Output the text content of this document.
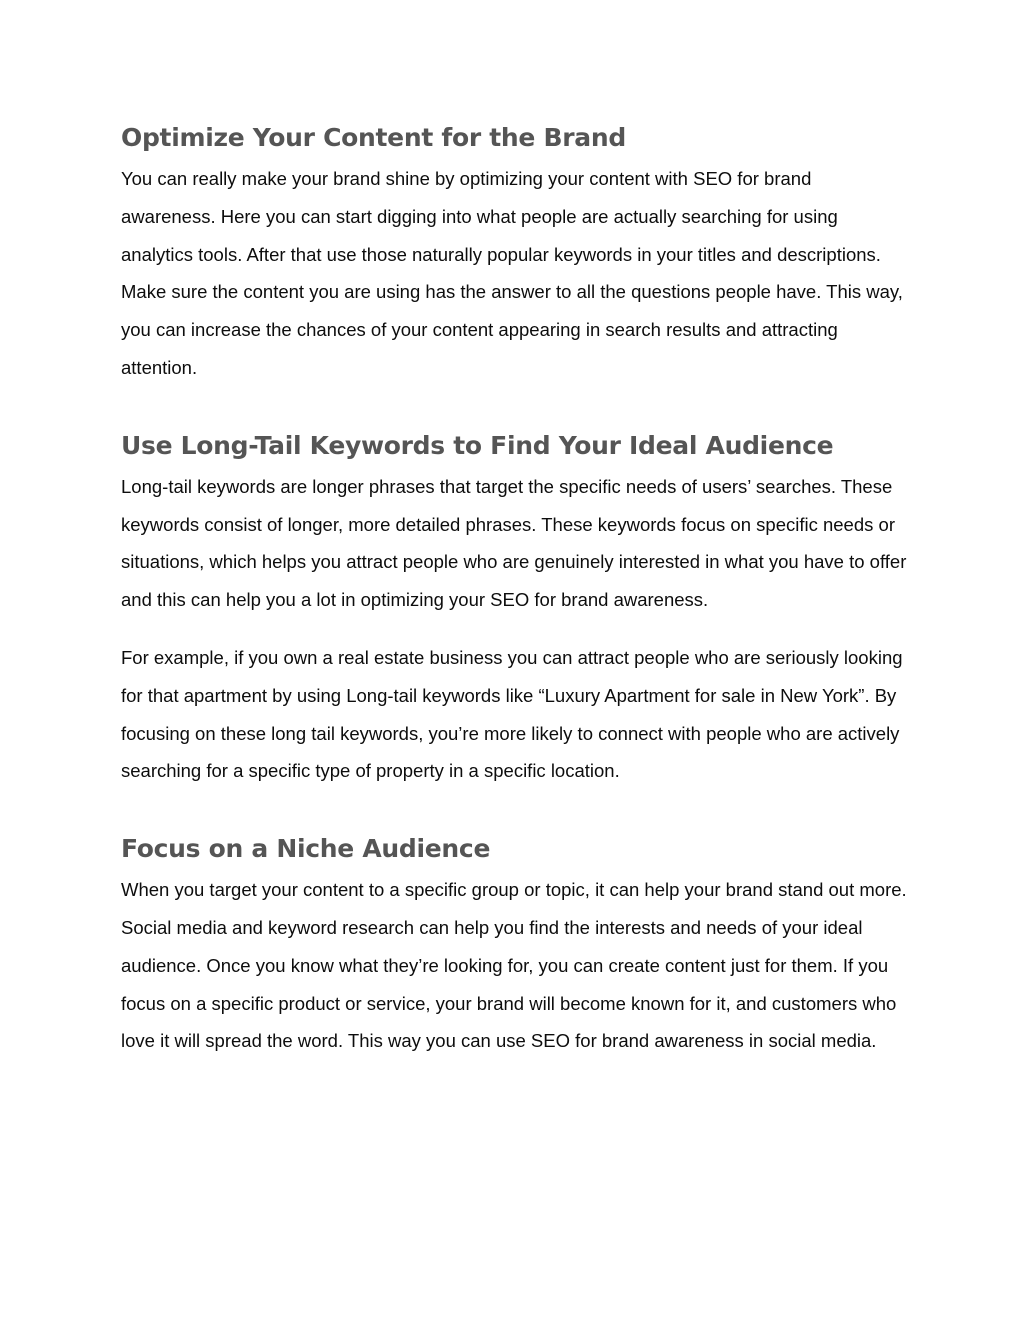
Optimize Your Content for the Brand

You can really make your brand shine by optimizing your content with SEO for brand awareness. Here you can start digging into what people are actually searching for using analytics tools. After that use those naturally popular keywords in your titles and descriptions. Make sure the content you are using has the answer to all the questions people have. This way, you can increase the chances of your content appearing in search results and attracting attention.

Use Long-Tail Keywords to Find Your Ideal Audience

Long-tail keywords are longer phrases that target the specific needs of users’ searches. These keywords consist of longer, more detailed phrases. These keywords focus on specific needs or situations, which helps you attract people who are genuinely interested in what you have to offer and this can help you a lot in optimizing your SEO for brand awareness.

For example, if you own a real estate business you can attract people who are seriously looking for that apartment by using Long-tail keywords like “Luxury Apartment for sale in New York”. By focusing on these long tail keywords, you’re more likely to connect with people who are actively searching for a specific type of property in a specific location.

Focus on a Niche Audience

When you target your content to a specific group or topic, it can help your brand stand out more. Social media and keyword research can help you find the interests and needs of your ideal audience. Once you know what they’re looking for, you can create content just for them. If you focus on a specific product or service, your brand will become known for it, and customers who love it will spread the word. This way you can use SEO for brand awareness in social media.
